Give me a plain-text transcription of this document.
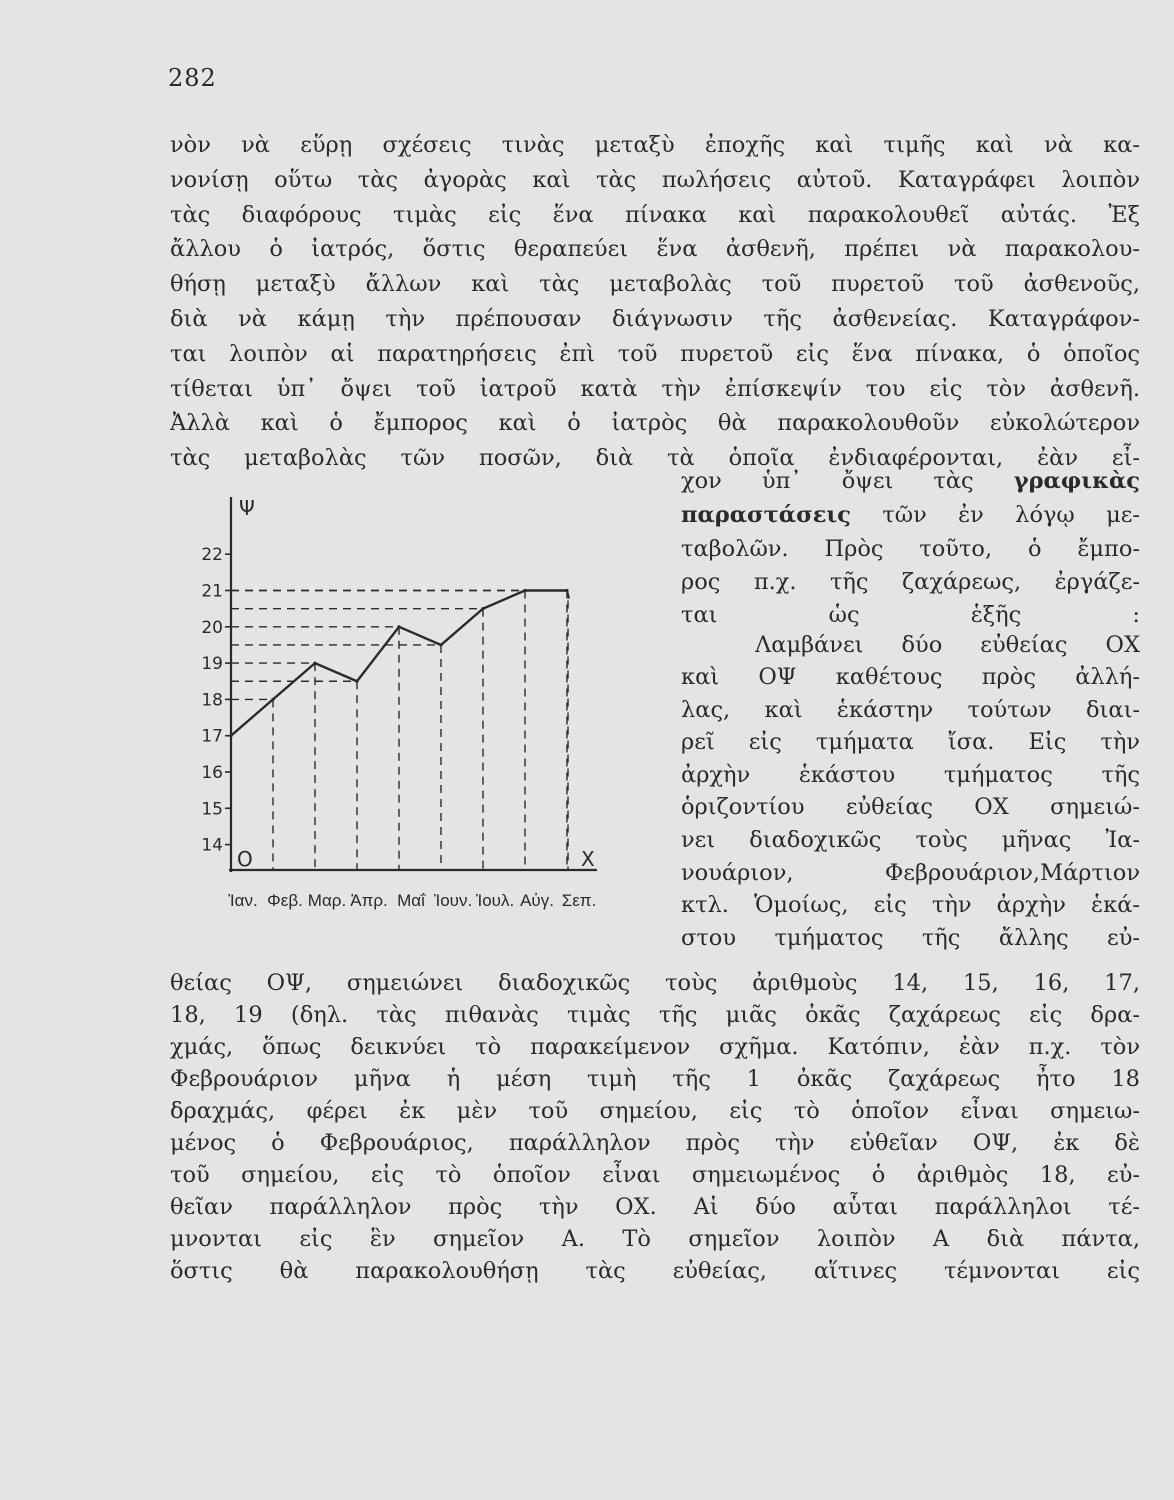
282

νὸν νὰ εὕρῃ σχέσεις τινὰς μεταξὺ ἐποχῆς καὶ τιμῆς καὶ νὰ κα-

νονίσῃ οὕτω τὰς ἀγορὰς καὶ τὰς πωλήσεις αὐτοῦ. Καταγράφει λοιπὸν

τὰς διαφόρους τιμὰς εἰς ἕνα πίνακα καὶ παρακολουθεῖ αὐτάς. Ἐξ

ἄλλου ὁ ἰατρός, ὅστις θεραπεύει ἕνα ἀσθενῆ, πρέπει νὰ παρακολου-

θήσῃ μεταξὺ ἄλλων καὶ τὰς μεταβολὰς τοῦ πυρετοῦ τοῦ ἀσθενοῦς,

διὰ νὰ κάμῃ τὴν πρέπουσαν διάγνωσιν τῆς ἀσθενείας. Καταγράφον-

ται λοιπὸν αἱ παρατηρήσεις ἐπὶ τοῦ πυρετοῦ εἰς ἕνα πίνακα, ὁ ὁποῖος

τίθεται ὑπ᾽ ὄψει τοῦ ἰατροῦ κατὰ τὴν ἐπίσκεψίν του εἰς τὸν ἀσθενῆ.

Ἀλλὰ καὶ ὁ ἔμπορος καὶ ὁ ἰατρὸς θὰ παρακολουθοῦν εὐκολώτερον

τὰς μεταβολὰς τῶν ποσῶν, διὰ τὰ ὁποῖα ἐνδιαφέρονται, ἐὰν εἶ-

χον ὑπ᾽ ὄψει τὰς γραφικὰς

παραστάσεις τῶν ἐν λόγῳ με-

ταβολῶν. Πρὸς τοῦτο, ὁ ἔμπο-

ρος π.χ. τῆς ζαχάρεως, ἐργάζε-

ται ὡς ἑξῆς :

Λαμβάνει δύο εὐθείας ΟΧ

καὶ ΟΨ καθέτους πρὸς ἀλλή-

λας, καὶ ἑκάστην τούτων διαι-

ρεῖ εἰς τμήματα ἴσα. Εἰς τὴν

ἀρχὴν ἑκάστου τμήματος τῆς

ὁριζοντίου εὐθείας ΟΧ σημειώ-

νει διαδοχικῶς τοὺς μῆνας Ἰα-

νουάριον, Φεβρουάριον,Μάρτιον

κτλ. Ὁμοίως, εἰς τὴν ἀρχὴν ἑκά-

στου τμήματος τῆς ἄλλης εὐ-

θείας ΟΨ, σημειώνει διαδοχικῶς τοὺς ἀριθμοὺς 14, 15, 16, 17,

18, 19 (δηλ. τὰς πιθανὰς τιμὰς τῆς μιᾶς ὀκᾶς ζαχάρεως εἰς δρα-

χμάς, ὅπως δεικνύει τὸ παρακείμενον σχῆμα. Κατόπιν, ἐὰν π.χ. τὸν

Φεβρουάριον μῆνα ἡ μέση τιμὴ τῆς 1 ὀκᾶς ζαχάρεως ἦτο 18

δραχμάς, φέρει ἐκ μὲν τοῦ σημείου, εἰς τὸ ὁποῖον εἶναι σημειω-

μένος ὁ Φεβρουάριος, παράλληλον πρὸς τὴν εὐθεῖαν ΟΨ, ἐκ δὲ

τοῦ σημείου, εἰς τὸ ὁποῖον εἶναι σημειωμένος ὁ ἀριθμὸς 18, εὐ-

θεῖαν παράλληλον πρὸς τὴν ΟΧ. Αἱ δύο αὗται παράλληλοι τέ-

μνονται εἰς ἓν σημεῖον Α. Τὸ σημεῖον λοιπὸν Α διὰ πάντα,

ὅστις θὰ παρακολουθήσῃ τὰς εὐθείας, αἵτινες τέμνονται εἰς

Ψ
Χ
Ο
14
15
16
17
18
19
20
21
22
Ἰαν. Φεβ. Μαρ. Ἀπρ. Μαΐ Ἰουν. Ἰουλ. Αὐγ. Σεπ.
